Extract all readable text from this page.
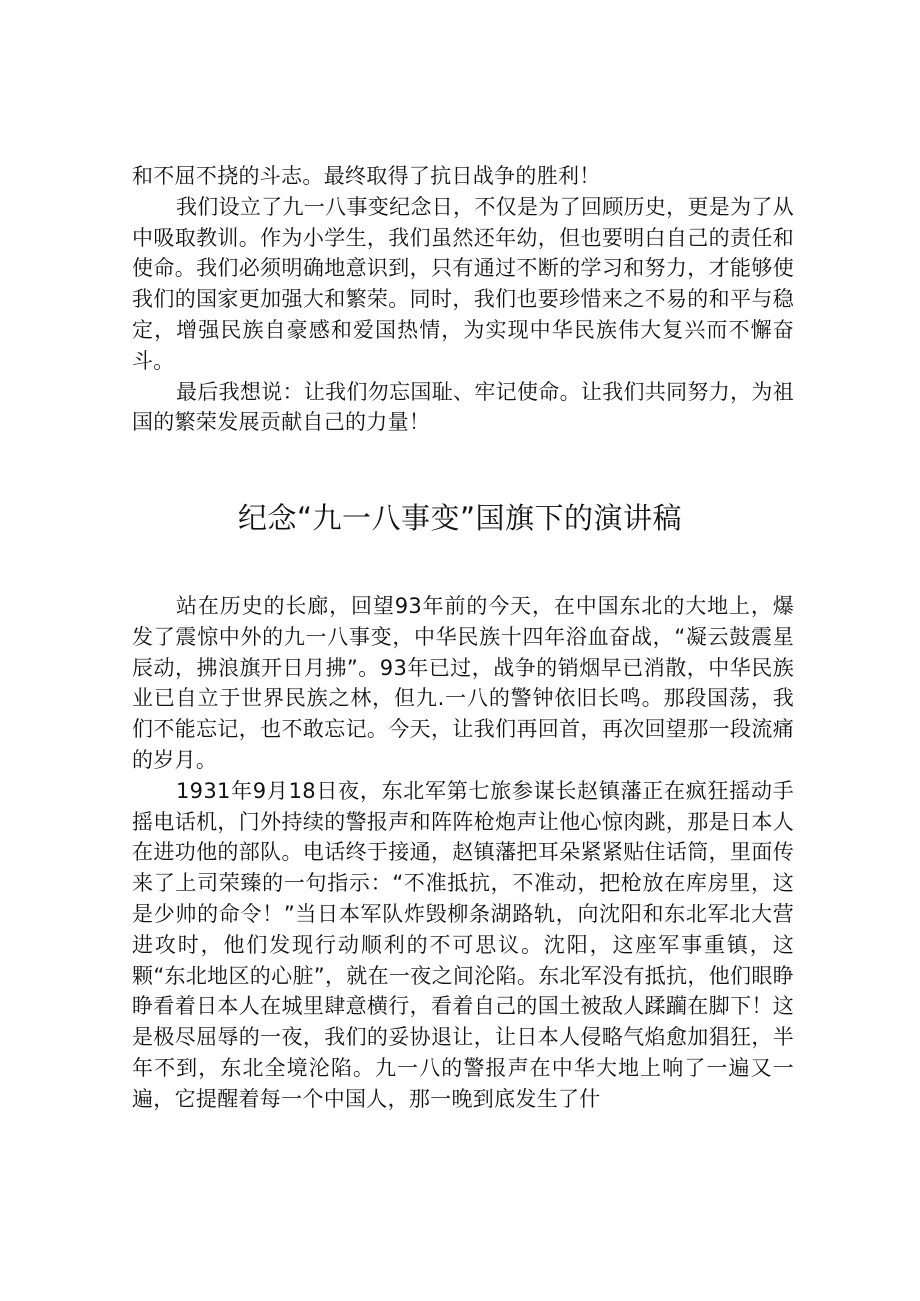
和不屈不挠的斗志。最终取得了抗日战争的胜利！

我们设立了九一八事变纪念日，不仅是为了回顾历史，更是为了从中吸取教训。作为小学生，我们虽然还年幼，但也要明白自己的责任和使命。我们必须明确地意识到，只有通过不断的学习和努力，才能够使我们的国家更加强大和繁荣。同时，我们也要珍惜来之不易的和平与稳定，增强民族自豪感和爱国热情，为实现中华民族伟大复兴而不懈奋斗。

最后我想说：让我们勿忘国耻、牢记使命。让我们共同努力，为祖国的繁荣发展贡献自己的力量！

纪念“九一八事变”国旗下的演讲稿

站在历史的长廊，回望93年前的今天，在中国东北的大地上，爆发了震惊中外的九一八事变，中华民族十四年浴血奋战，“凝云鼓震星辰动，拂浪旗开日月拂”。93年已过，战争的销烟早已消散，中华民族业已自立于世界民族之林，但九.一八的警钟依旧长鸣。那段国荡，我们不能忘记，也不敢忘记。今天，让我们再回首，再次回望那一段流痛的岁月。

1931年9月18日夜，东北军第七旅参谋长赵镇藩正在疯狂摇动手摇电话机，门外持续的警报声和阵阵枪炮声让他心惊肉跳，那是日本人在进功他的部队。电话终于接通，赵镇藩把耳朵紧紧贴住话筒，里面传来了上司荣臻的一句指示：“不准抵抗，不准动，把枪放在库房里，这是少帅的命令！”当日本军队炸毁柳条湖路轨，向沈阳和东北军北大营进攻时，他们发现行动顺利的不可思议。沈阳，这座军事重镇，这颗“东北地区的心脏”，就在一夜之间沦陷。东北军没有抵抗，他们眼睁睁看着日本人在城里肆意横行，看着自己的国土被敌人蹂躏在脚下！这是极尽屈辱的一夜，我们的妥协退让，让日本人侵略气焰愈加猖狂，半年不到，东北全境沦陷。九一八的警报声在中华大地上响了一遍又一遍，它提醒着每一个中国人，那一晚到底发生了什
